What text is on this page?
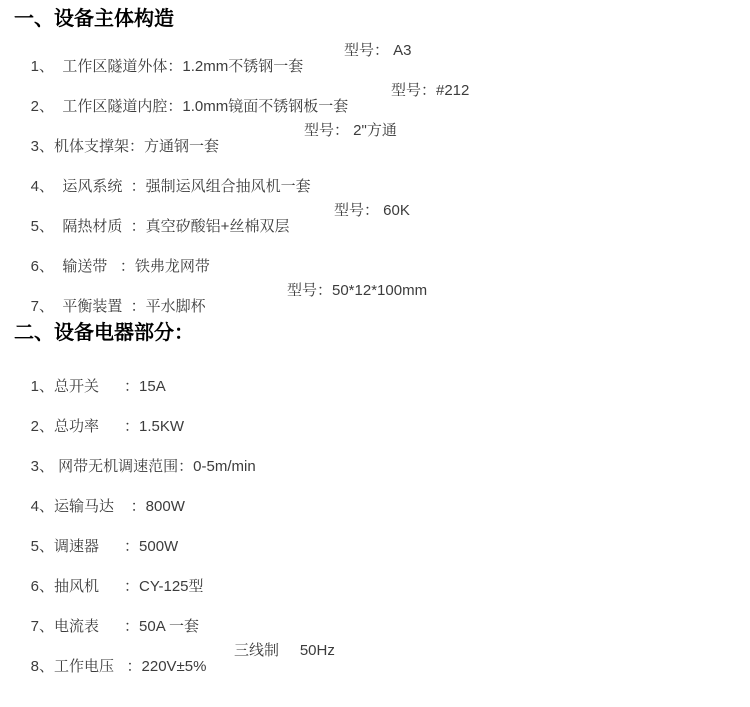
一、设备主体构造

1、  工作区隧道外体：1.2mm不锈钢一套

型号： A3

2、  工作区隧道内腔：1.0mm镜面不锈钢板一套

型号：#212

3、机体支撑架：方通钢一套

型号： 2"方通

4、  运风系统  ：强制运风组合抽风机一套

5、  隔热材质  ：真空矽酸铝+丝棉双层

型号： 60K

6、  输送带   ：铁弗龙网带

7、  平衡装置  ：平水脚杯

型号：50*12*100mm

二、设备电器部分：

1、总开关      ：15A

2、总功率      ：1.5KW

3、 网带无机调速范围：0-5m/min

4、运输马达    ：800W

5、调速器      ：500W

6、抽风机      ：CY-125型

7、电流表      ：50A 一套

8、工作电压   ：220V±5%

三线制     50Hz
